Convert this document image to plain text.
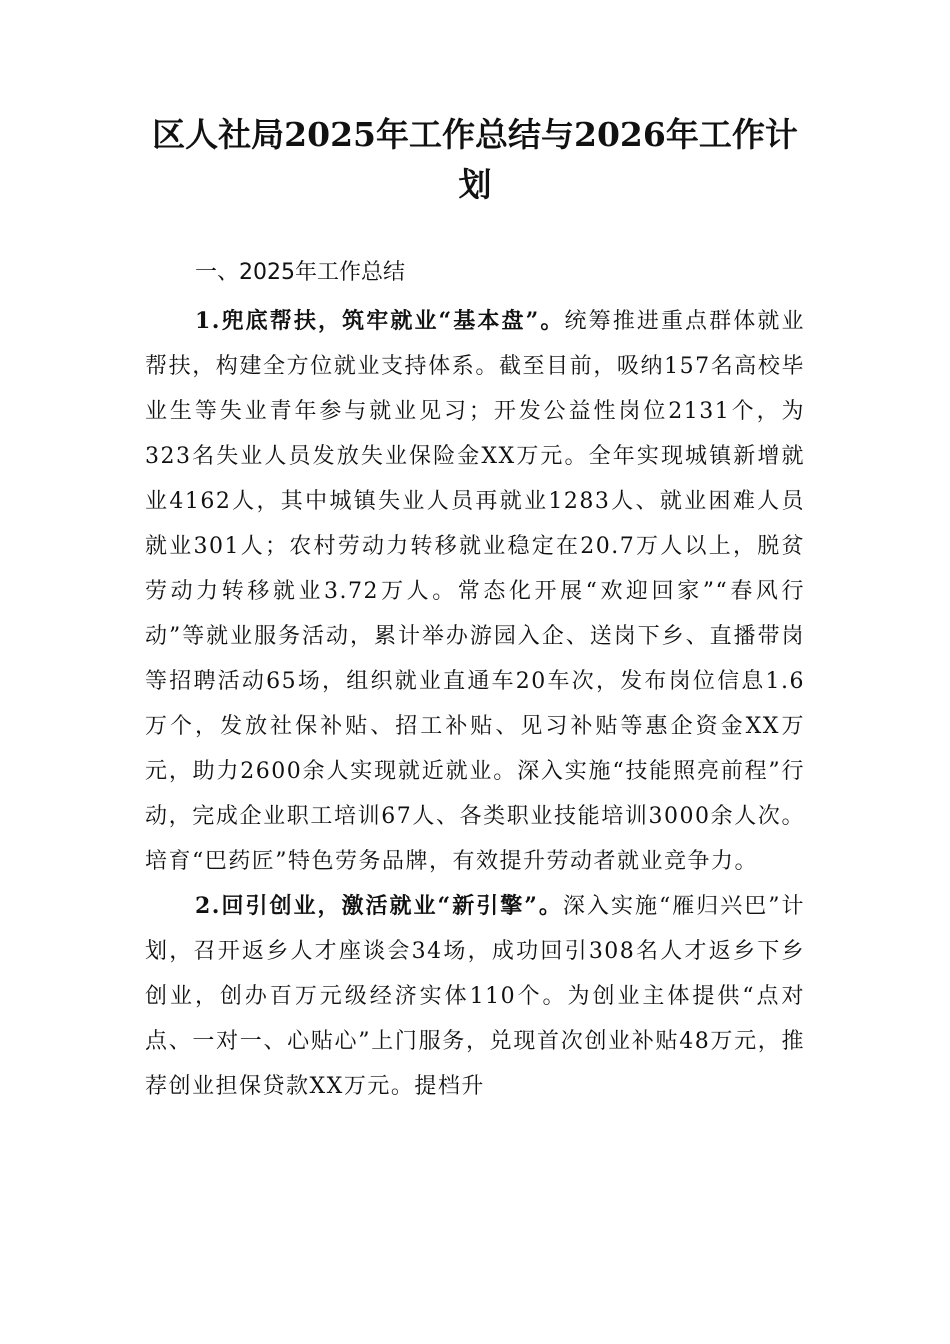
区人社局2025年工作总结与2026年工作计划
一、2025年工作总结

1.兜底帮扶，筑牢就业“基本盘”。统筹推进重点群体就业帮扶，构建全方位就业支持体系。截至目前，吸纳157名高校毕业生等失业青年参与就业见习；开发公益性岗位2131个，为323名失业人员发放失业保险金XX万元。全年实现城镇新增就业4162人，其中城镇失业人员再就业1283人、就业困难人员就业301人；农村劳动力转移就业稳定在20.7万人以上，脱贫劳动力转移就业3.72万人。常态化开展“欢迎回家”“春风行动”等就业服务活动，累计举办游园入企、送岗下乡、直播带岗等招聘活动65场，组织就业直通车20车次，发布岗位信息1.6万个，发放社保补贴、招工补贴、见习补贴等惠企资金XX万元，助力2600余人实现就近就业。深入实施“技能照亮前程”行动，完成企业职工培训67人、各类职业技能培训3000余人次。培育“巴药匠”特色劳务品牌，有效提升劳动者就业竞争力。

2.回引创业，激活就业“新引擎”。深入实施“雁归兴巴”计划，召开返乡人才座谈会34场，成功回引308名人才返乡下乡创业，创办百万元级经济实体110个。为创业主体提供“点对点、一对一、心贴心”上门服务，兑现首次创业补贴48万元，推荐创业担保贷款XX万元。提档升
